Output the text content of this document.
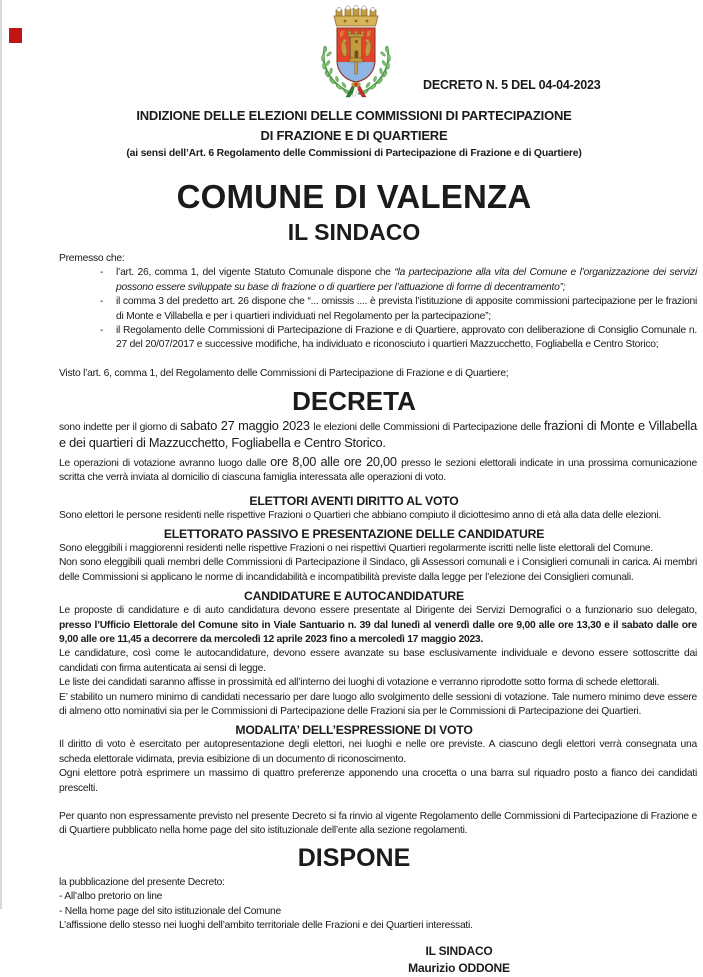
DECRETO N. 5 DEL 04-04-2023
INDIZIONE DELLE ELEZIONI DELLE COMMISSIONI DI PARTECIPAZIONE
DI FRAZIONE E DI QUARTIERE
(ai sensi dell’Art. 6 Regolamento delle Commissioni di Partecipazione di Frazione e di Quartiere)
COMUNE DI VALENZA
IL SINDACO

Premesso che:

- l’art. 26, comma 1, del vigente Statuto Comunale dispone che “la partecipazione alla vita del Comune e l’organizzazione dei servizi possono essere sviluppate su base di frazione o di quartiere per l’attuazione di forme di decentramento”;
- il comma 3 del predetto art. 26 dispone che “... omissis .... è prevista l’istituzione di apposite commissioni partecipazione per le frazioni di Monte e Villabella e per i quartieri individuati nel Regolamento per la partecipazione”;
- il Regolamento delle Commissioni di Partecipazione di Frazione e di Quartiere, approvato con deliberazione di Consiglio Comunale n. 27 del 20/07/2017 e successive modifiche, ha individuato e riconosciuto i quartieri Mazzucchetto, Fogliabella e Centro Storico;

Visto l’art. 6, comma 1, del Regolamento delle Commissioni di Partecipazione di Frazione e di Quartiere;

DECRETA

sono indette per il giorno di sabato 27 maggio 2023 le elezioni delle Commissioni di Partecipazione delle frazioni di Monte e Villabella e dei quartieri di Mazzucchetto, Fogliabella e Centro Storico.

Le operazioni di votazione avranno luogo dalle ore 8,00 alle ore 20,00 presso le sezioni elettorali indicate in una prossima comunicazione scritta che verrà inviata al domicilio di ciascuna famiglia interessata alle operazioni di voto.

ELETTORI AVENTI DIRITTO AL VOTO

Sono elettori le persone residenti nelle rispettive Frazioni o Quartieri che abbiano compiuto il diciottesimo anno di età alla data delle elezioni.

ELETTORATO PASSIVO E PRESENTAZIONE DELLE CANDIDATURE

Sono eleggibili i maggiorenni residenti nelle rispettive Frazioni o nei rispettivi Quartieri regolarmente iscritti nelle liste elettorali del Comune.

Non sono eleggibili quali membri delle Commissioni di Partecipazione il Sindaco, gli Assessori comunali e i Consiglieri comunali in carica. Ai membri delle Commissioni si applicano le norme di incandidabilità e incompatibilità previste dalla legge per l’elezione dei Consiglieri comunali.

CANDIDATURE E AUTOCANDIDATURE

Le proposte di candidature e di auto candidatura devono essere presentate al Dirigente dei Servizi Demografici o a funzionario suo delegato, presso l’Ufficio Elettorale del Comune sito in Viale Santuario n. 39 dal lunedì al venerdì dalle ore 9,00 alle ore 13,30 e il sabato dalle ore 9,00 alle ore 11,45 a decorrere da mercoledì 12 aprile 2023 fino a mercoledì 17 maggio 2023.

Le candidature, così come le autocandidature, devono essere avanzate su base esclusivamente individuale e devono essere sottoscritte dai candidati con firma autenticata ai sensi di legge.

Le liste dei candidati saranno affisse in prossimità ed all’interno dei luoghi di votazione e verranno riprodotte sotto forma di schede elettorali.

E’ stabilito un numero minimo di candidati necessario per dare luogo allo svolgimento delle sessioni di votazione. Tale numero minimo deve essere di almeno otto nominativi sia per le Commissioni di Partecipazione delle Frazioni sia per le Commissioni di Partecipazione dei Quartieri.

MODALITA’ DELL’ESPRESSIONE DI VOTO

Il diritto di voto è esercitato per autopresentazione degli elettori, nei luoghi e nelle ore previste. A ciascuno degli elettori verrà consegnata una scheda elettorale vidimata, previa esibizione di un documento di riconoscimento.

Ogni elettore potrà esprimere un massimo di quattro preferenze apponendo una crocetta o una barra sul riquadro posto a fianco dei candidati prescelti.

Per quanto non espressamente previsto nel presente Decreto si fa rinvio al vigente Regolamento delle Commissioni di Partecipazione di Frazione e di Quartiere pubblicato nella home page del sito istituzionale dell’ente alla sezione regolamenti.

DISPONE

la pubblicazione del presente Decreto:

- All’albo pretorio on line

- Nella home page del sito istituzionale del Comune

L’affissione dello stesso nei luoghi dell’ambito territoriale delle Frazioni e dei Quartieri interessati.

IL SINDACO
Maurizio ODDONE
